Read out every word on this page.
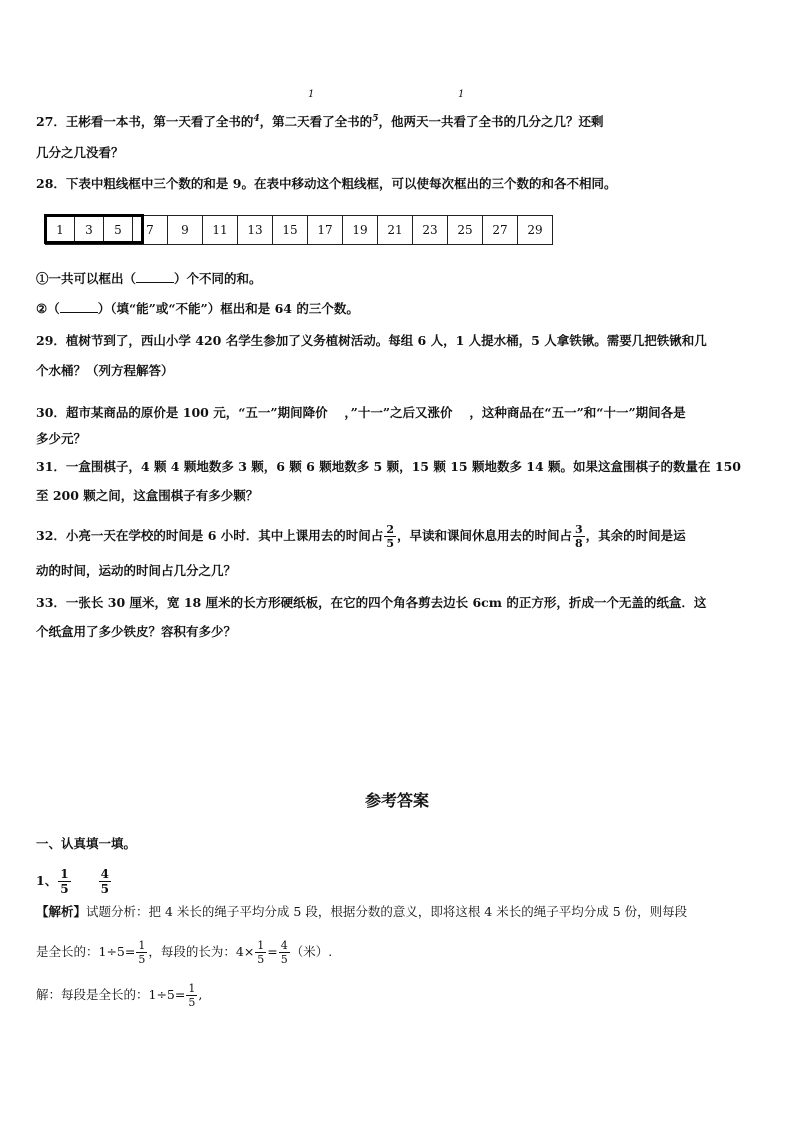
1	1
27．王彬看一本书，第一天看了全书的$^4$，第二天看了全书的$^5$，他两天一共看了全书的几分之几？还剩
几分之几没看？
28．下表中粗线框中三个数的和是 9。在表中移动这个粗线框，可以使每次框出的三个数的和各不相同。
1	3	5	7	9	11	13	15	17	19	21	23	25	27	29
①一共可以框出（	）个不同的和。
②（	）（填“能”或“不能”）框出和是 64 的三个数。
29．植树节到了，西山小学 420 名学生参加了义务植树活动。每组 6 人，1 人提水桶，5 人拿铁锹。需要几把铁锹和几
个水桶？（列方程解答）
30．超市某商品的原价是 100 元，“五一”期间降价　 ，”十一”之后又涨价　 ，这种商品在“五一”和“十一”期间各是
多少元？
31．一盒围棋子，4 颗 4 颗地数多 3 颗，6 颗 6 颗地数多 5 颗，15 颗 15 颗地数多 14 颗。如果这盒围棋子的数量在 150
至 200 颗之间，这盒围棋子有多少颗？
32．小亮一天在学校的时间是 6 小时．其中上课用去的时间占 $\frac{2}{5}$ ，早读和课间休息用去的时间占 $\frac{3}{8}$ ，其余的时间是运
动的时间，运动的时间占几分之几？
33．一张长 30 厘米，宽 18 厘米的长方形硬纸板，在它的四个角各剪去边长 6cm 的正方形，折成一个无盖的纸盒．这
个纸盒用了多少铁皮？容积有多少？
参考答案
一、认真填一填。
1、 $\frac{1}{5} \frac{4}{5}$
【解析】试题分析：把 4 米长的绳子平均分成 5 段，根据分数的意义，即将这根 4 米长的绳子平均分成 5 份，则每段
是全长的：$1\div 5= \frac{1}{5}$ ，每段的长为：$4\times \frac{1}{5} = \frac{4}{5}$ （米）.
解：每段是全长的：$1\div 5= \frac{1}{5}$ ,
